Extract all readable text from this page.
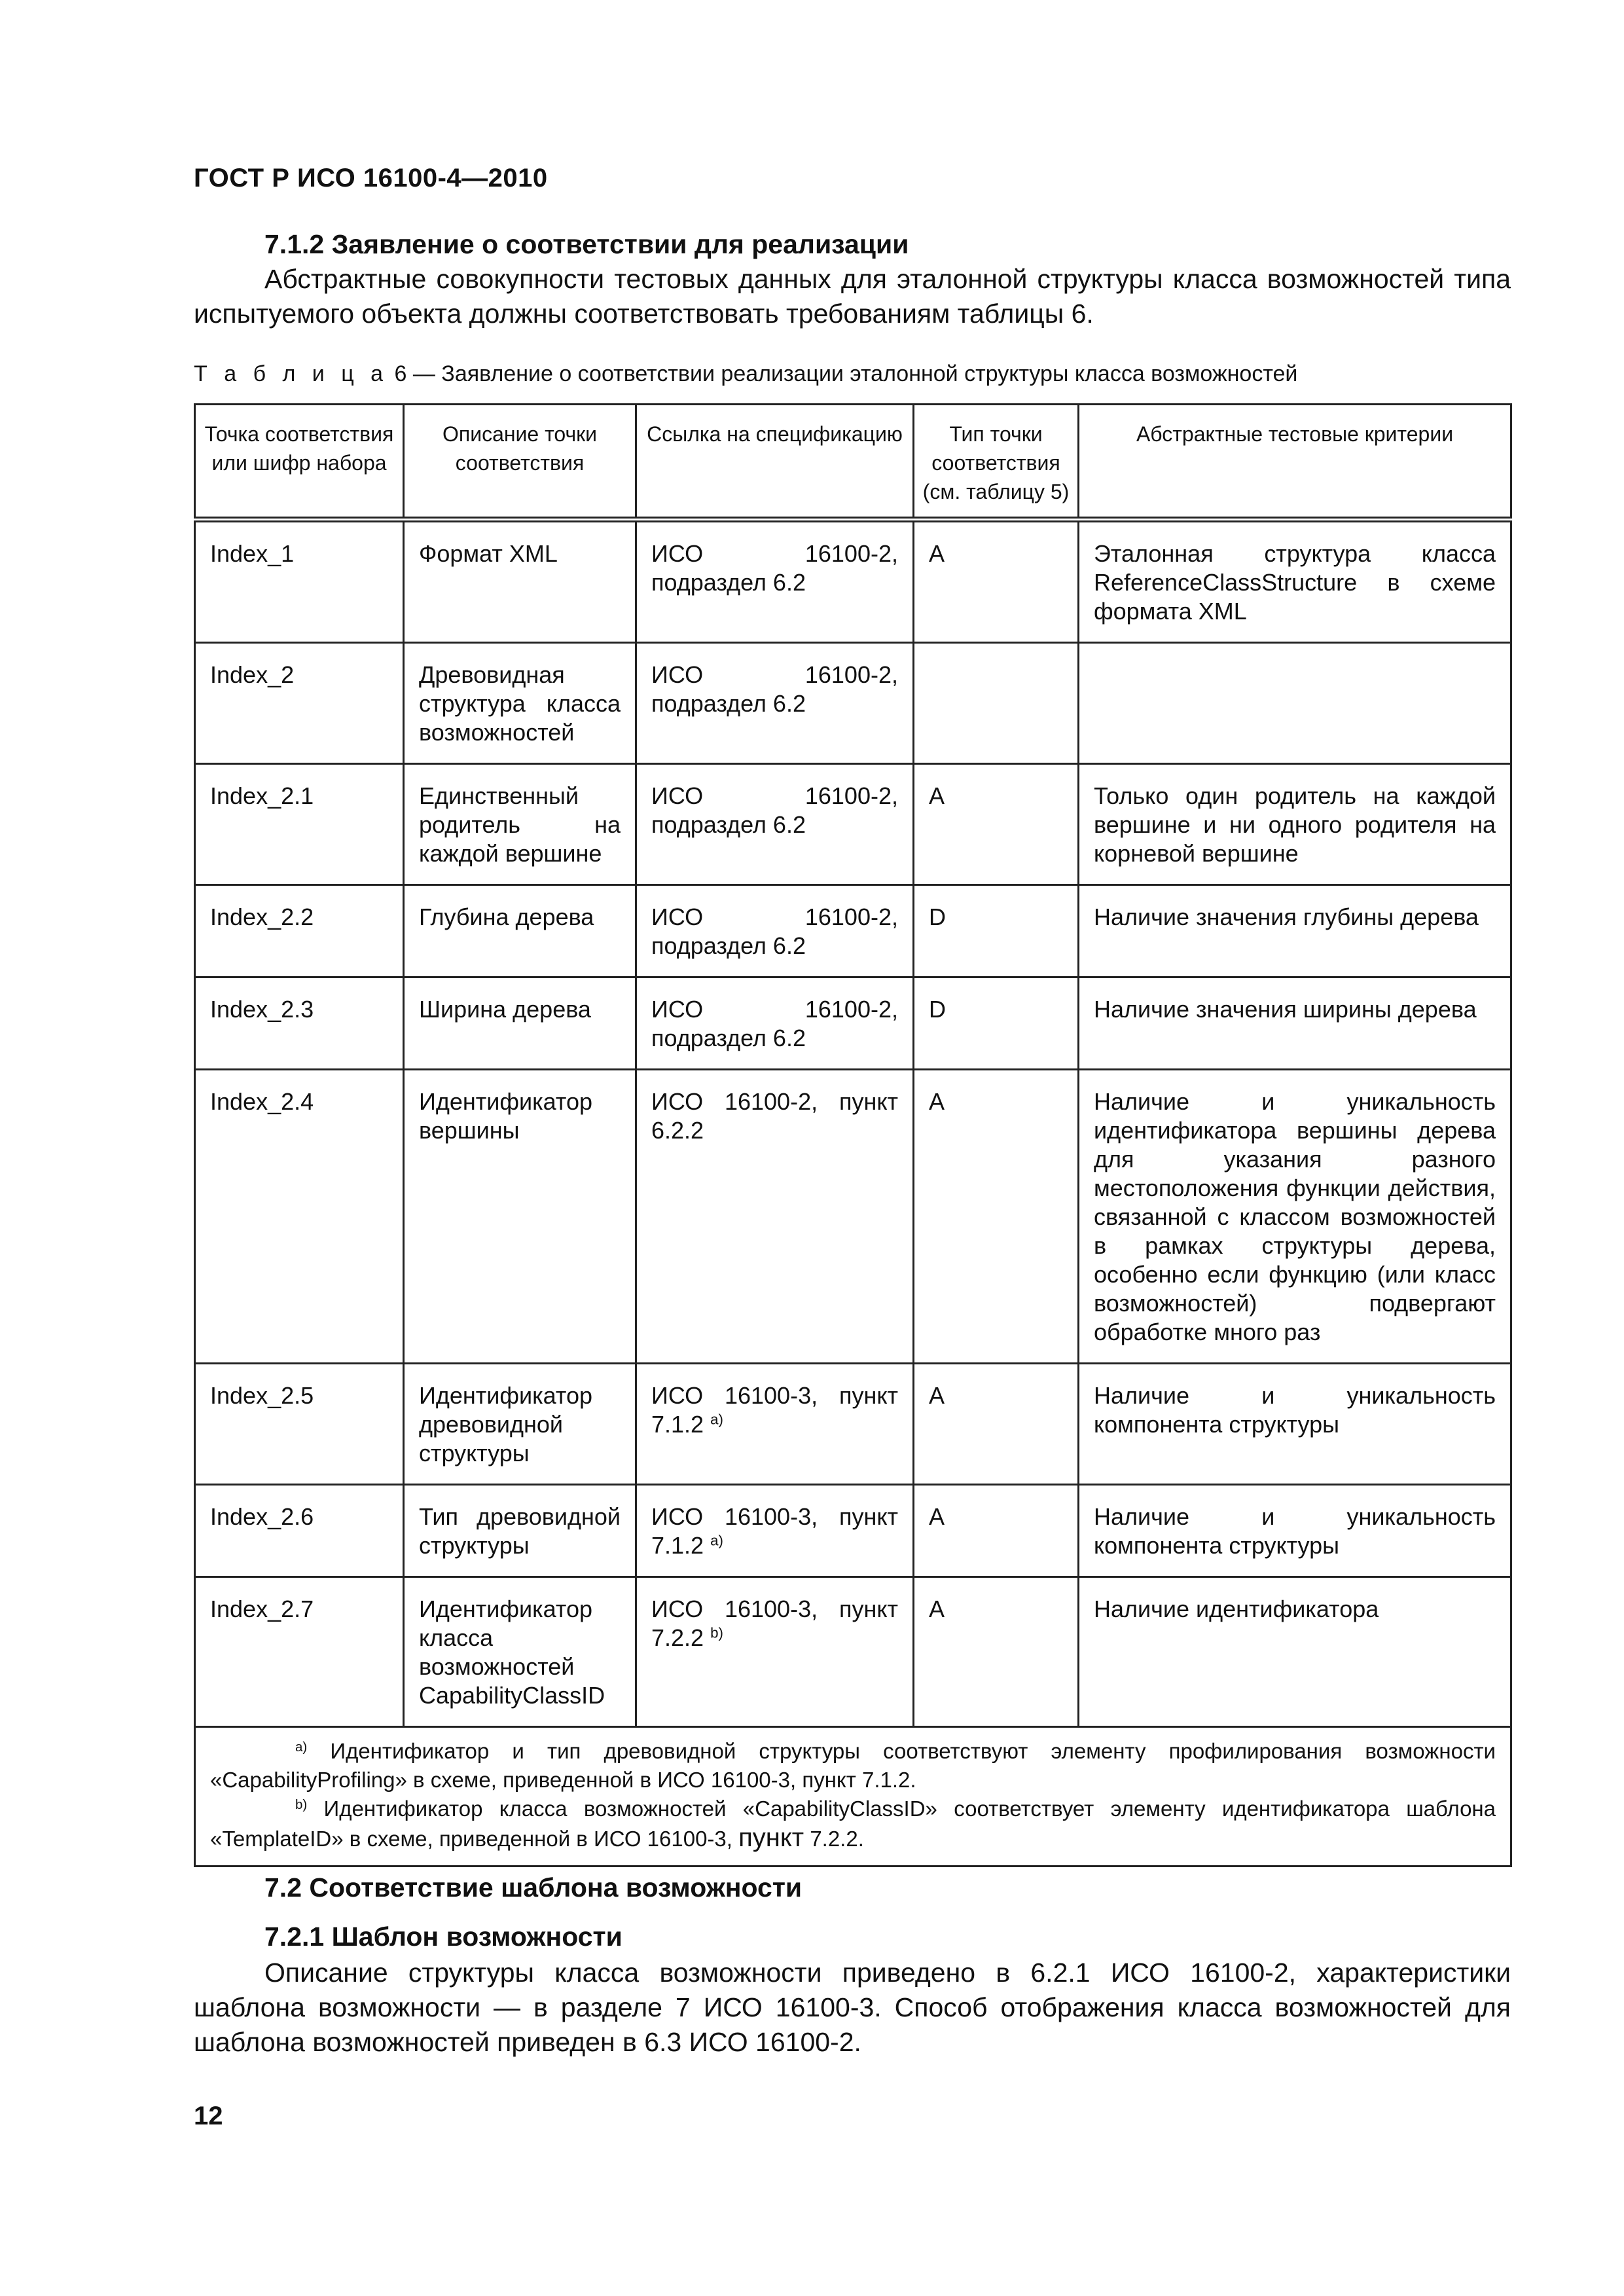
ГОСТ Р ИСО 16100-4—2010
7.1.2 Заявление о соответствии для реализации
Абстрактные совокупности тестовых данных для эталонной структуры класса возможностей типа испытуемого объекта должны соответствовать требованиям таблицы 6.
Т а б л и ц а 6 — Заявление о соответствии реализации эталонной структуры класса возможностей
Точка соответствия или шифр набора	Описание точки соответствия	Ссылка на спецификацию	Тип точки соответствия (см. таблицу 5)	Абстрактные тестовые критерии
Index_1	Формат XML	ИСО 16100-2, подраздел 6.2	A	Эталонная структура класса ReferenceClassStructure в схеме формата XML
Index_2	Древовидная структура класса возможностей	ИСО 16100-2, подраздел 6.2		
Index_2.1	Единственный родитель на каждой вершине	ИСО 16100-2, подраздел 6.2	A	Только один родитель на каждой вершине и ни одного родителя на корневой вершине
Index_2.2	Глубина дерева	ИСО 16100-2, подраздел 6.2	D	Наличие значения глубины дерева
Index_2.3	Ширина дерева	ИСО 16100-2, подраздел 6.2	D	Наличие значения ширины дерева
Index_2.4	Идентификатор вершины	ИСО 16100-2, пункт 6.2.2	A	Наличие и уникальность идентификатора вершины дерева для указания разного местоположения функции действия, связанной с классом возможностей в рамках структуры дерева, особенно если функцию (или класс возможностей) подвергают обработке много раз
Index_2.5	Идентификатор древовидной структуры	ИСО 16100-3, пункт 7.1.2 $^{a)}$	A	Наличие и уникальность компонента структуры
Index_2.6	Тип древовидной структуры	ИСО 16100-3, пункт 7.1.2 $^{a)}$	A	Наличие и уникальность компонента структуры
Index_2.7	Идентификатор класса возможностей CapabilityClassID	ИСО 16100-3, пункт 7.2.2 $^{b)}$	A	Наличие идентификатора

$^{a)}$ Идентификатор и тип древовидной структуры соответствуют элементу профилирования возможности «CapabilityProfiling» в схеме, приведенной в ИСО 16100-3, пункт 7.1.2.
$^{b)}$ Идентификатор класса возможностей «CapabilityClassID» соответствует элементу идентификатора шаблона «TemplateID» в схеме, приведенной в ИСО 16100-3, пункт 7.2.2.				
7.2 Соответствие шаблона возможности
7.2.1 Шаблон возможности
Описание структуры класса возможности приведено в 6.2.1 ИСО 16100-2, характеристики шаблона возможности — в разделе 7 ИСО 16100-3. Способ отображения класса возможностей для шаблона возможностей приведен в 6.3 ИСО 16100-2.
12
